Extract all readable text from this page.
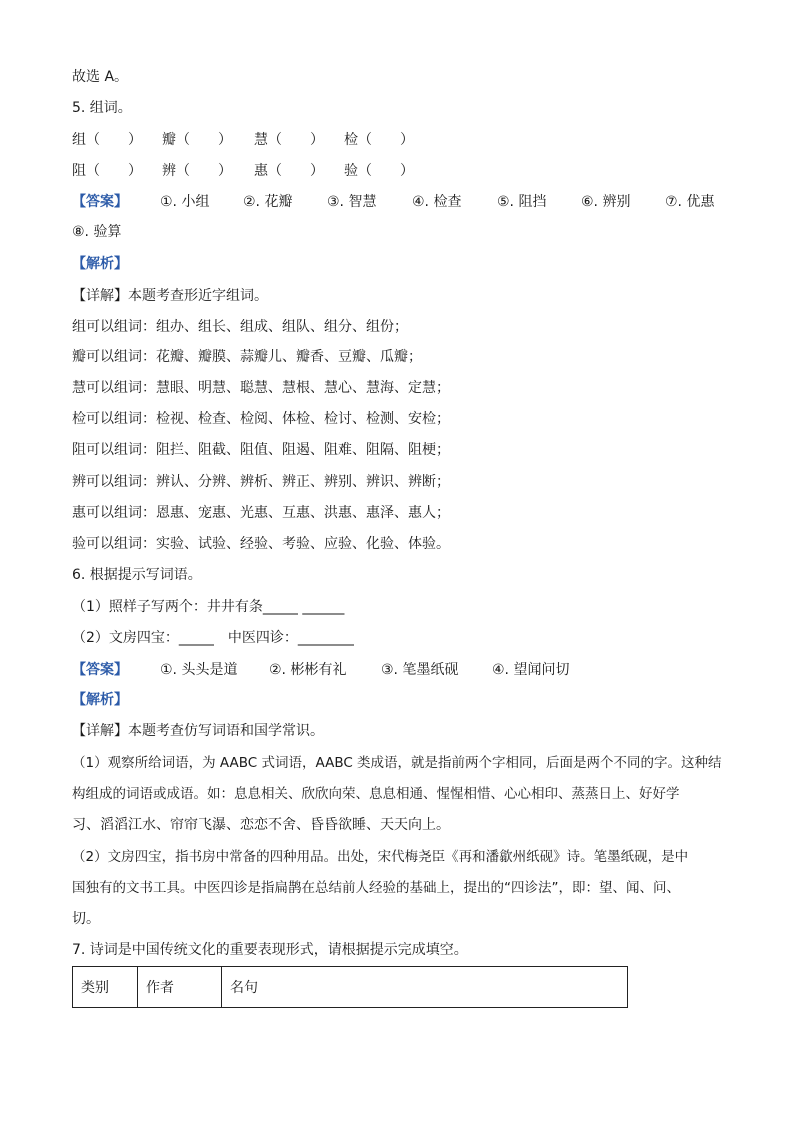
故选 A。
5. 组词。
组（　　） 瓣（　　） 慧（　　） 检（　　）
阻（　　） 辨（　　） 惠（　　） 验（　　）
【答案】 ①. 小组 ②. 花瓣 ③. 智慧	④. 检查	⑤. 阻挡 ⑥. 辨别 ⑦. 优惠
⑧. 验算
【解析】
【详解】本题考查形近字组词。
组可以组词：组办、组长、组成、组队、组分、组份；
瓣可以组词：花瓣、瓣膜、蒜瓣儿、瓣香、豆瓣、瓜瓣；
慧可以组词：慧眼、明慧、聪慧、慧根、慧心、慧海、定慧；
检可以组词：检视、检查、检阅、体检、检讨、检测、安检；
阻可以组词：阻拦、阻截、阻值、阻遏、阻难、阻隔、阻梗；
辨可以组词：辨认、分辨、辨析、辨正、辨别、辨识、辨断；
惠可以组词：恩惠、宠惠、光惠、互惠、洪惠、惠泽、惠人；
验可以组词：实验、试验、经验、考验、应验、化验、体验。
6. 根据提示写词语。
（1）照样子写两个：井井有条_____ ______
（2）文房四宝：_____　中医四诊：________
【答案】 ①. 头头是道 ②. 彬彬有礼 ③. 笔墨纸砚 ④. 望闻问切
【解析】
【详解】本题考查仿写词语和国学常识。
（1）观察所给词语，为 AABC 式词语，AABC 类成语，就是指前两个字相同，后面是两个不同的字。这种结
构组成的词语或成语。如：息息相关、欣欣向荣、息息相通、惺惺相惜、心心相印、蒸蒸日上、好好学
习、滔滔江水、帘帘飞瀑、恋恋不舍、昏昏欲睡、天天向上。
（2）文房四宝，指书房中常备的四种用品。出处，宋代梅尧臣《再和潘歙州纸砚》诗。笔墨纸砚，是中
国独有的文书工具。中医四诊是指扁鹊在总结前人经验的基础上，提出的“四诊法”，即：望、闻、问、
切。
7. 诗词是中国传统文化的重要表现形式，请根据提示完成填空。
类别	作者	名句
